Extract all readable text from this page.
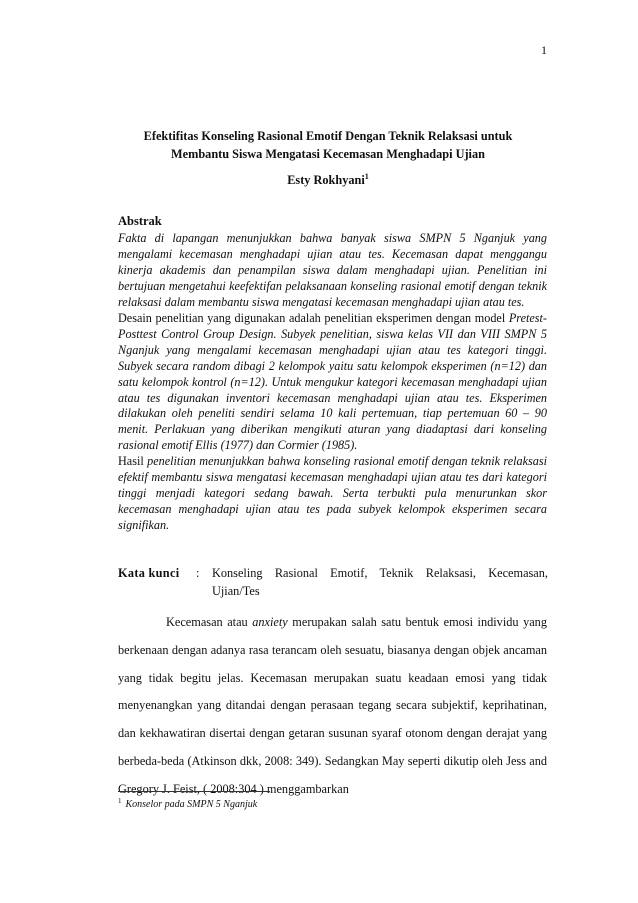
1
Efektifitas Konseling Rasional Emotif Dengan Teknik Relaksasi untuk
Membantu Siswa Mengatasi Kecemasan Menghadapi Ujian
Esty Rokhyani$^1$
Abstrak

Fakta di lapangan menunjukkan bahwa banyak siswa SMPN 5 Nganjuk yang mengalami kecemasan menghadapi ujian atau tes. Kecemasan dapat menggangu kinerja akademis dan penampilan siswa dalam menghadapi ujian. Penelitian ini bertujuan mengetahui keefektifan pelaksanaan konseling rasional emotif dengan teknik relaksasi dalam membantu siswa mengatasi kecemasan menghadapi ujian atau tes.

Desain penelitian yang digunakan adalah penelitian eksperimen dengan model Pretest-Posttest Control Group Design. Subyek penelitian, siswa kelas VII dan VIII SMPN 5 Nganjuk yang mengalami kecemasan menghadapi ujian atau tes kategori tinggi. Subyek secara random dibagi 2 kelompok yaitu satu kelompok eksperimen (n=12) dan satu kelompok kontrol (n=12). Untuk mengukur kategori kecemasan menghadapi ujian atau tes digunakan inventori kecemasan menghadapi ujian atau tes. Eksperimen dilakukan oleh peneliti sendiri selama 10 kali pertemuan, tiap pertemuan 60 – 90 menit. Perlakuan yang diberikan mengikuti aturan yang diadaptasi dari konseling rasional emotif Ellis (1977) dan Cormier (1985).

Hasil penelitian menunjukkan bahwa konseling rasional emotif dengan teknik relaksasi efektif membantu siswa mengatasi kecemasan menghadapi ujian atau tes dari kategori tinggi menjadi kategori sedang bawah. Serta terbukti pula menurunkan skor kecemasan menghadapi ujian atau tes pada subyek kelompok eksperimen secara signifikan.

Kata kunci	:	Konseling Rasional Emotif, Teknik Relaksasi, Kecemasan, Ujian/Tes

Kecemasan atau anxiety merupakan salah satu bentuk emosi individu yang berkenaan dengan adanya rasa terancam oleh sesuatu, biasanya dengan objek ancaman yang tidak begitu jelas. Kecemasan merupakan suatu keadaan emosi yang tidak menyenangkan yang ditandai dengan perasaan tegang secara subjektif, keprihatinan, dan kekhawatiran disertai dengan getaran susunan syaraf otonom dengan derajat yang berbeda-beda (Atkinson dkk, 2008: 349). Sedangkan May seperti dikutip oleh Jess and Gregory J. Feist, ( 2008:304 ) menggambarkan

$^1$ Konselor pada SMPN 5 Nganjuk
